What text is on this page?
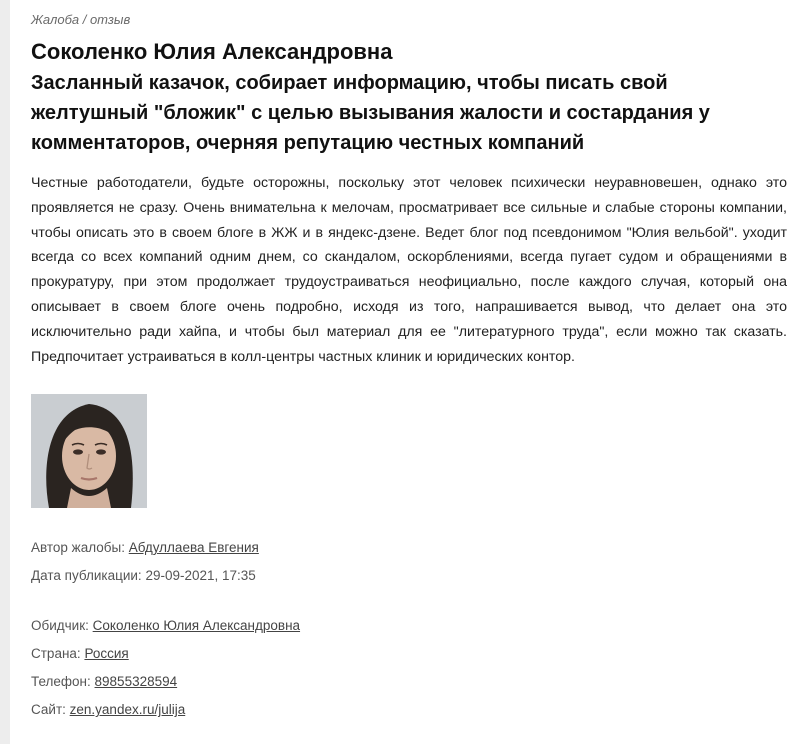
Жалоба / отзыв
Соколенко Юлия Александровна
Засланный казачок, собирает информацию, чтобы писать свой желтушный "бложик" с целью вызывания жалости и состардания у комментаторов, очерняя репутацию честных компаний
Честные работодатели, будьте осторожны, поскольку этот человек психически неуравновешен, однако это проявляется не сразу. Очень внимательна к мелочам, просматривает все сильные и слабые стороны компании, чтобы описать это в своем блоге в ЖЖ и в яндекс-дзене. Ведет блог под псевдонимом "Юлия вельбой". уходит всегда со всех компаний одним днем, со скандалом, оскорблениями, всегда пугает судом и обращениями в прокуратуру, при этом продолжает трудоустраиваться неофициально, после каждого случая, который она описывает в своем блоге очень подробно, исходя из того, напрашивается вывод, что делает она это исключительно ради хайпа, и чтобы был материал для ее "литературного труда", если можно так сказать. Предпочитает устраиваться в колл-центры частных клиник и юридических контор.
Автор жалобы: Абдуллаева Евгения
Дата публикации: 29-09-2021, 17:35
Обидчик: Соколенко Юлия Александровна
Страна: Россия
Телефон: 89855328594
Сайт: zen.yandex.ru/julija
